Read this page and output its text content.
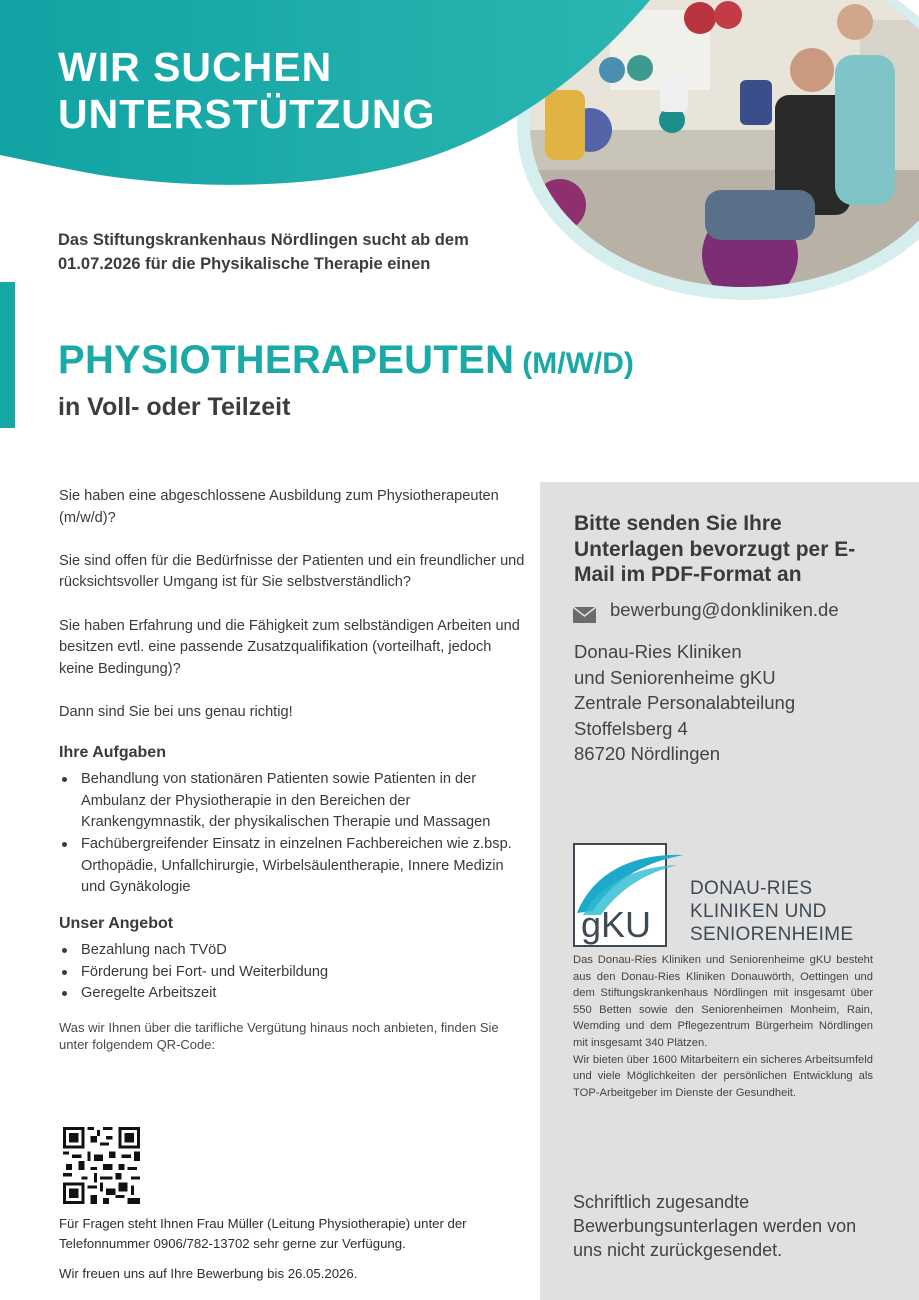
WIR SUCHEN
UNTERSTÜTZUNG
Das Stiftungskrankenhaus Nördlingen sucht ab dem 01.07.2026 für die Physikalische Therapie einen
PHYSIOTHERAPEUTEN (M/W/D)
in Voll- oder Teilzeit

Sie haben eine abgeschlossene Ausbildung zum Physiotherapeuten (m/w/d)?

Sie sind offen für die Bedürfnisse der Patienten und ein freundlicher und rücksichtsvoller Umgang ist für Sie selbstverständlich?

Sie haben Erfahrung und die Fähigkeit zum selbständigen Arbeiten und besitzen evtl. eine passende Zusatzqualifikation (vorteilhaft, jedoch keine Bedingung)?

Dann sind Sie bei uns genau richtig!

Ihre Aufgaben
Behandlung von stationären Patienten sowie Patienten in der Ambulanz der Physiotherapie in den Bereichen der Krankengymnastik, der physikalischen Therapie und Massagen
Fachübergreifender Einsatz in einzelnen Fachbereichen wie z.bsp. Orthopädie, Unfallchirurgie, Wirbelsäulentherapie, Innere Medizin und Gynäkologie
Unser Angebot
Bezahlung nach TVöD
Förderung bei Fort- und Weiterbildung
Geregelte Arbeitszeit
Was wir Ihnen über die tarifliche Vergütung hinaus noch anbieten, finden Sie unter folgendem QR-Code:
Für Fragen steht Ihnen Frau Müller (Leitung Physiotherapie) unter der Telefonnummer 0906/782-13702 sehr gerne zur Verfügung.
Wir freuen uns auf Ihre Bewerbung bis 26.05.2026.
Bitte senden Sie Ihre Unterlagen bevorzugt per E-Mail im PDF-Format an
bewerbung@donkliniken.de
Donau-Ries Kliniken
und Seniorenheime gKU
Zentrale Personalabteilung
Stoffelsberg 4
86720 Nördlingen
gKU
DONAU-RIES
KLINIKEN UND
SENIORENHEIME
Das Donau-Ries Kliniken und Seniorenheime gKU besteht aus den Donau-Ries Kliniken Donauwörth, Oettingen und dem Stiftungskrankenhaus Nördlingen mit insgesamt über 550 Betten sowie den Seniorenheimen Monheim, Rain, Wemding und dem Pflegezentrum Bürgerheim Nördlingen mit insgesamt 340 Plätzen.
Wir bieten über 1600 Mitarbeitern ein sicheres Arbeitsumfeld und viele Möglichkeiten der persönlichen Entwicklung als TOP-Arbeitgeber im Dienste der Gesundheit.
Schriftlich zugesandte Bewerbungsunterlagen werden von uns nicht zurückgesendet.
